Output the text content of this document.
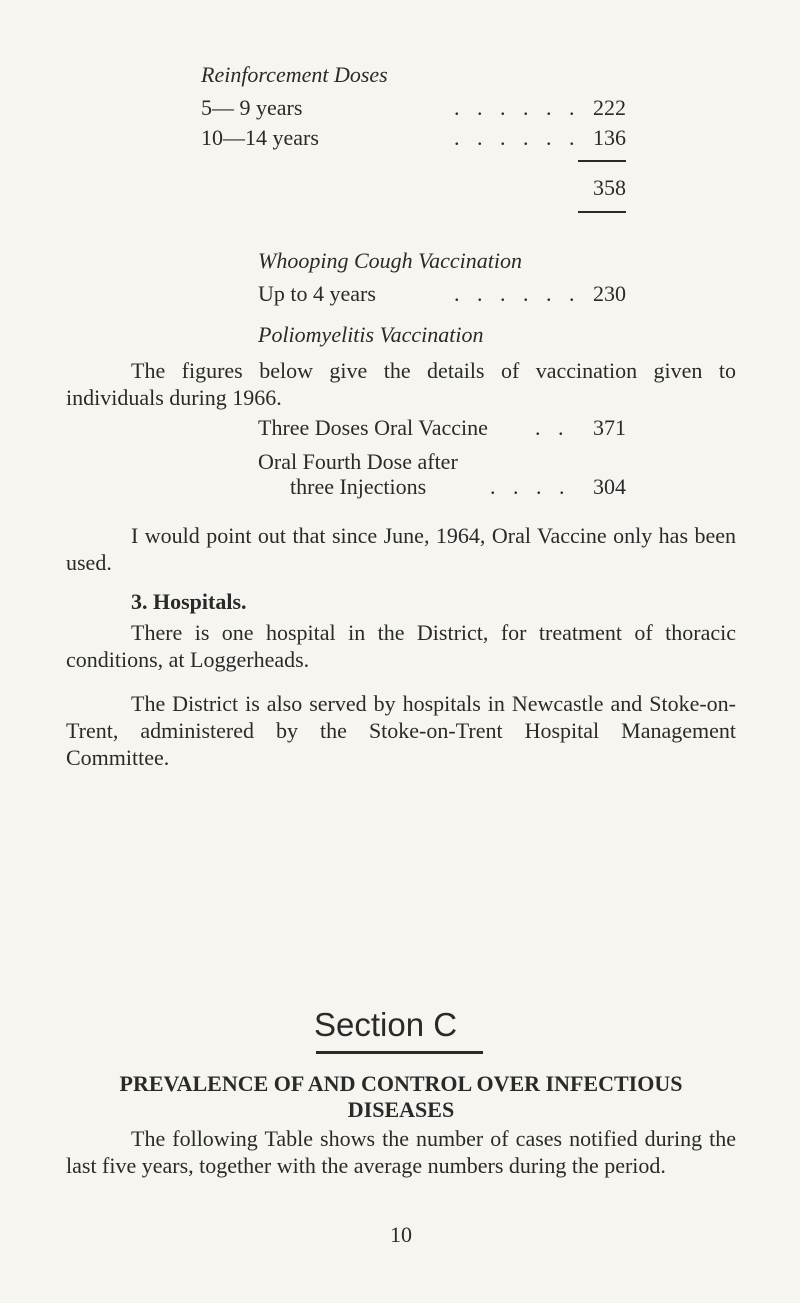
Reinforcement Doses
5— 9 years	. . . . . . 222
10—14 years	. . . . . . 136
358
Whooping Cough Vaccination
Up to 4 years	. . . . . . 230
Poliomyelitis Vaccination
The figures below give the details of vaccination given to individuals during 1966.
Three Doses Oral Vaccine . .	371
Oral Fourth Dose after
three Injections	. . . .	304
I would point out that since June, 1964, Oral Vaccine only has been used.
3. Hospitals.
There is one hospital in the District, for treatment of thoracic conditions, at Loggerheads.
The District is also served by hospitals in Newcastle and Stoke-on-Trent, administered by the Stoke-on-Trent Hospital Management Committee.
Section C
PREVALENCE OF AND CONTROL OVER INFECTIOUS
DISEASES
The following Table shows the number of cases notified during the last five years, together with the average numbers during the period.
10
